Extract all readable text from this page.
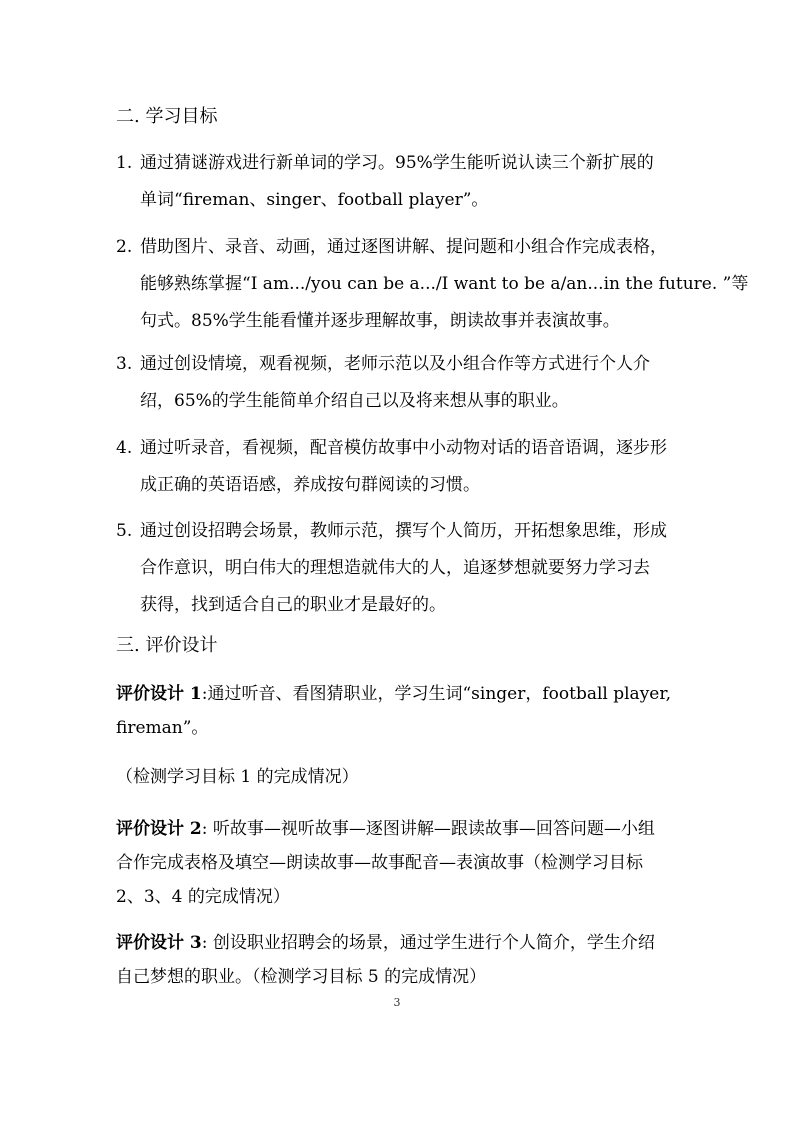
二. 学习目标
1. 通过猜谜游戏进行新单词的学习。95%学生能听说认读三个新扩展的
单词“fireman、singer、football player”。
2. 借助图片、录音、动画，通过逐图讲解、提问题和小组合作完成表格，
能够熟练掌握“I am.../you can be a.../I want to be a/an...in the future. ”等
句式。85%学生能看懂并逐步理解故事，朗读故事并表演故事。
3. 通过创设情境，观看视频，老师示范以及小组合作等方式进行个人介
绍，65%的学生能简单介绍自己以及将来想从事的职业。
4. 通过听录音，看视频，配音模仿故事中小动物对话的语音语调，逐步形
成正确的英语语感，养成按句群阅读的习惯。
5. 通过创设招聘会场景，教师示范，撰写个人简历，开拓想象思维，形成
合作意识，明白伟大的理想造就伟大的人，追逐梦想就要努力学习去
获得，找到适合自己的职业才是最好的。
三. 评价设计
评价设计 1:通过听音、看图猜职业，学习生词“singer，football player,
fireman”。
（检测学习目标 1 的完成情况）
评价设计 2: 听故事—视听故事—逐图讲解—跟读故事—回答问题—小组
合作完成表格及填空—朗读故事—故事配音—表演故事（检测学习目标
2、3、4 的完成情况）
评价设计 3: 创设职业招聘会的场景，通过学生进行个人简介，学生介绍
自己梦想的职业。（检测学习目标 5 的完成情况）
3
